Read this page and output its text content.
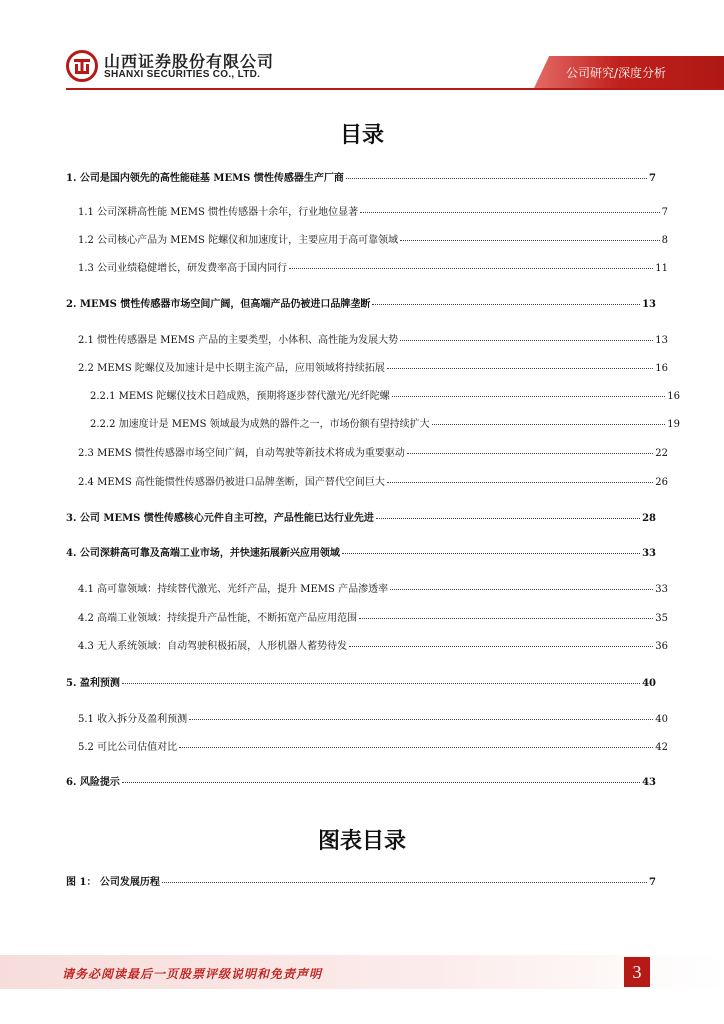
山西证券股份有限公司
SHANXI SECURITIES CO., LTD.	公司研究/深度分析
目录
1. 公司是国内领先的高性能硅基 MEMS 惯性传感器生产厂商	7
1.1 公司深耕高性能 MEMS 惯性传感器十余年，行业地位显著	7
1.2 公司核心产品为 MEMS 陀螺仪和加速度计，主要应用于高可靠领域	8
1.3 公司业绩稳健增长，研发费率高于国内同行	11
2. MEMS 惯性传感器市场空间广阔，但高端产品仍被进口品牌垄断	13
2.1 惯性传感器是 MEMS 产品的主要类型，小体积、高性能为发展大势	13
2.2 MEMS 陀螺仪及加速计是中长期主流产品，应用领域将持续拓展	16
2.2.1 MEMS 陀螺仪技术日趋成熟，预期将逐步替代激光/光纤陀螺	16
2.2.2 加速度计是 MEMS 领域最为成熟的器件之一，市场份额有望持续扩大	19
2.3 MEMS 惯性传感器市场空间广阔，自动驾驶等新技术将成为重要驱动	22
2.4 MEMS 高性能惯性传感器仍被进口品牌垄断，国产替代空间巨大	26
3. 公司 MEMS 惯性传感核心元件自主可控，产品性能已达行业先进	28
4. 公司深耕高可靠及高端工业市场，并快速拓展新兴应用领域	33
4.1 高可靠领域：持续替代激光、光纤产品，提升 MEMS 产品渗透率	33
4.2 高端工业领域：持续提升产品性能，不断拓宽产品应用范围	35
4.3 无人系统领域：自动驾驶积极拓展，人形机器人蓄势待发	36
5. 盈利预测	40
5.1 收入拆分及盈利预测	40
5.2 可比公司估值对比	42
6. 风险提示	43
图表目录
图 1： 公司发展历程	7
请务必阅读最后一页股票评级说明和免责声明	3
